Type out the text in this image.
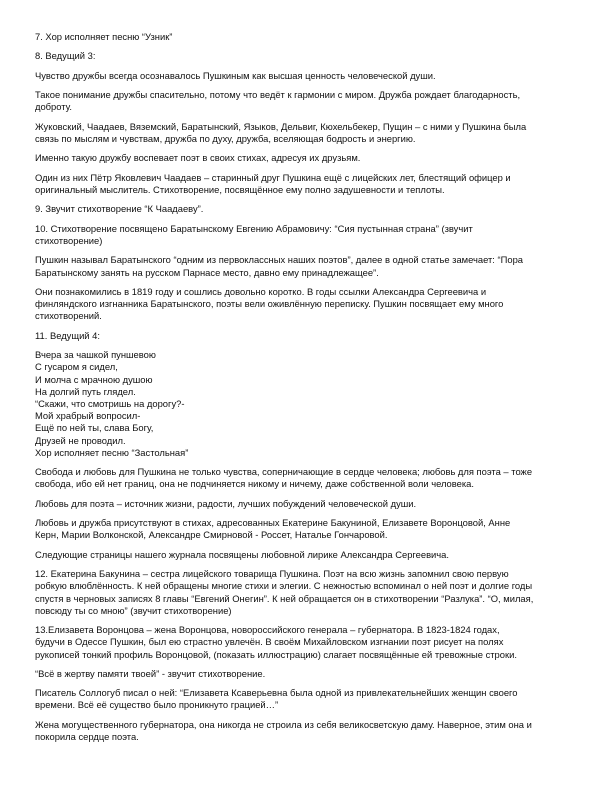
7. Хор исполняет песню “Узник”
8. Ведущий 3:
Чувство дружбы всегда осознавалось Пушкиным как высшая ценность человеческой души.
Такое понимание дружбы спасительно, потому что ведёт к гармонии с миром. Дружба рождает благодарность,
доброту.
Жуковский, Чаадаев, Вяземский, Баратынский, Языков, Дельвиг, Кюхельбекер, Пущин – с ними у Пушкина была
связь по мыслям и чувствам, дружба по духу, дружба, вселяющая бодрость и энергию.
Именно такую дружбу воспевает поэт в своих стихах, адресуя их друзьям.
Один из них Пётр Яковлевич Чаадаев – старинный друг Пушкина ещё с лицейских лет, блестящий офицер и
оригинальный мыслитель. Стихотворение, посвящённое ему полно задушевности и теплоты.
9. Звучит стихотворение “К Чаадаеву”.
10. Стихотворение посвящено Баратынскому Евгению Абрамовичу: “Сия пустынная страна” (звучит
стихотворение)
Пушкин называл Баратынского “одним из первоклассных наших поэтов”, далее в одной статье замечает: “Пора
Баратынскому занять на русском Парнасе место, давно ему принадлежащее”.
Они познакомились в 1819 году и сошлись довольно коротко. В годы ссылки Александра Сергеевича и
финляндского изгнанника Баратынского, поэты вели оживлённую переписку. Пушкин посвящает ему много
стихотворений.
11. Ведущий 4:
Вчера за чашкой пуншевою
С гусаром я сидел,
И молча с мрачною душою
На долгий путь глядел.
“Скажи, что смотришь на дорогу?-
Мой храбрый вопросил-
Ещё по ней ты, слава Богу,
Друзей не проводил.
Хор исполняет песню “Застольная”
Свобода и любовь для Пушкина не только чувства, соперничающие в сердце человека; любовь для поэта – тоже
свобода, ибо ей нет границ, она не подчиняется никому и ничему, даже собственной воли человека.
Любовь для поэта – источник жизни, радости, лучших побуждений человеческой души.
Любовь и дружба присутствуют в стихах, адресованных Екатерине Бакуниной, Елизавете Воронцовой, Анне
Керн, Марии Волконской, Александре Смирновой - Россет, Наталье Гончаровой.
Следующие страницы нашего журнала посвящены любовной лирике Александра Сергеевича.
12. Екатерина Бакунина – сестра лицейского товарища Пушкина. Поэт на всю жизнь запомнил свою первую
робкую влюблённость. К ней обращены многие стихи и элегии. С нежностью вспоминал о ней поэт и долгие годы
спустя в черновых записях 8 главы “Евгений Онегин”. К ней обращается он в стихотворении “Разлука”. “О, милая,
повсюду ты со мною” (звучит стихотворение)
13.Елизавета Воронцова – жена Воронцова, новороссийского генерала – губернатора. В 1823-1824 годах,
будучи в Одессе Пушкин, был ею страстно увлечён. В своём Михайловском изгнании поэт рисует на полях
рукописей тонкий профиль Воронцовой, (показать иллюстрацию) слагает посвящённые ей тревожные строки.
“Всё в жертву памяти твоей” - звучит стихотворение.
Писатель Соллогуб писал о ней: “Елизавета Ксаверьевна была одной из привлекательнейших женщин своего
времени. Всё её существо было проникнуто грацией…”
Жена могущественного губернатора, она никогда не строила из себя великосветскую даму. Наверное, этим она и
покорила сердце поэта.
